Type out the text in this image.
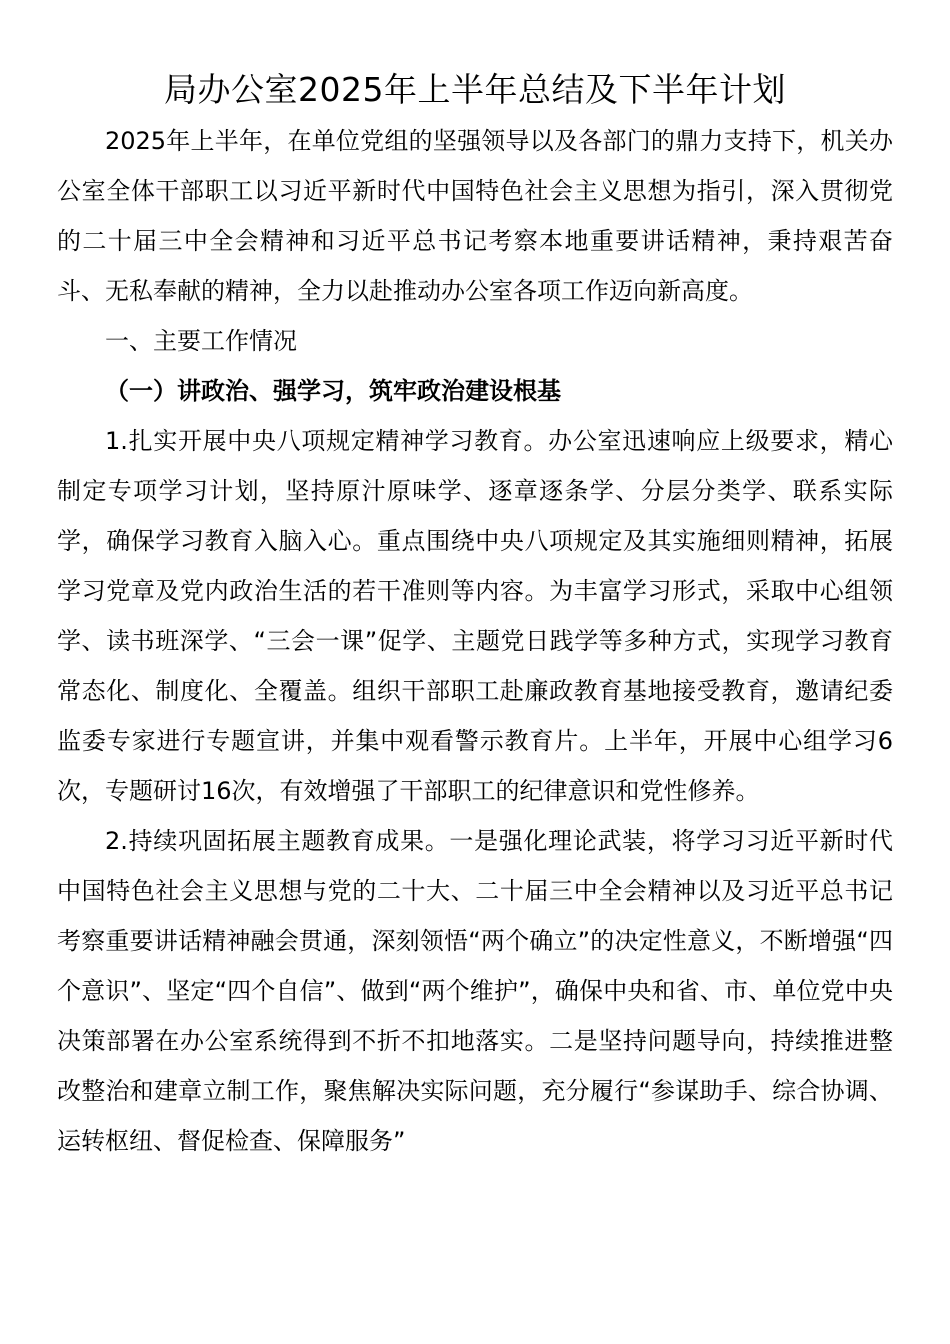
局办公室2025年上半年总结及下半年计划

2025年上半年，在单位党组的坚强领导以及各部门的鼎力支持下，机关办公室全体干部职工以习近平新时代中国特色社会主义思想为指引，深入贯彻党的二十届三中全会精神和习近平总书记考察本地重要讲话精神，秉持艰苦奋斗、无私奉献的精神，全力以赴推动办公室各项工作迈向新高度。

一、主要工作情况

（一）讲政治、强学习，筑牢政治建设根基

1.扎实开展中央八项规定精神学习教育。办公室迅速响应上级要求，精心制定专项学习计划，坚持原汁原味学、逐章逐条学、分层分类学、联系实际学，确保学习教育入脑入心。重点围绕中央八项规定及其实施细则精神，拓展学习党章及党内政治生活的若干准则等内容。为丰富学习形式，采取中心组领学、读书班深学、“三会一课”促学、主题党日践学等多种方式，实现学习教育常态化、制度化、全覆盖。组织干部职工赴廉政教育基地接受教育，邀请纪委监委专家进行专题宣讲，并集中观看警示教育片。上半年，开展中心组学习6次，专题研讨16次，有效增强了干部职工的纪律意识和党性修养。

2.持续巩固拓展主题教育成果。一是强化理论武装，将学习习近平新时代中国特色社会主义思想与党的二十大、二十届三中全会精神以及习近平总书记考察重要讲话精神融会贯通，深刻领悟“两个确立”的决定性意义，不断增强“四个意识”、坚定“四个自信”、做到“两个维护”，确保中央和省、市、单位党中央决策部署在办公室系统得到不折不扣地落实。二是坚持问题导向，持续推进整改整治和建章立制工作，聚焦解决实际问题，充分履行“参谋助手、综合协调、运转枢纽、督促检查、保障服务”
